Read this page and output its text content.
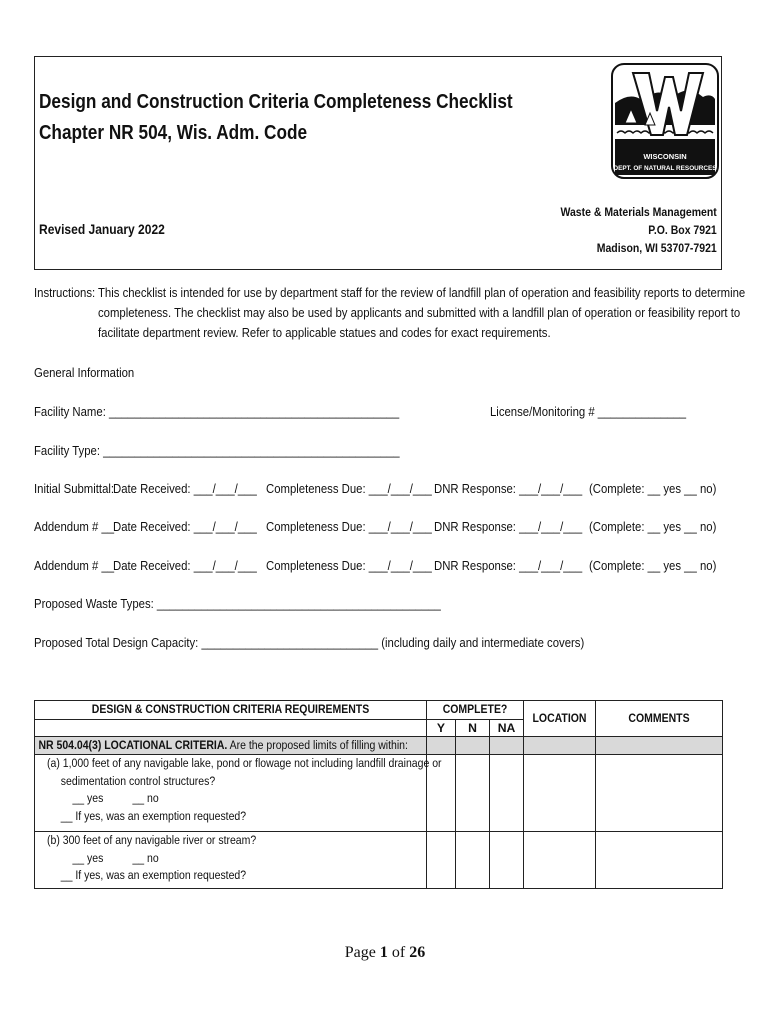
Design and Construction Criteria Completeness Checklist
Chapter NR 504, Wis. Adm. Code
Revised January 2022
WISCONSIN
DEPT. OF NATURAL RESOURCES
Waste & Materials Management
P.O. Box 7921
Madison, WI 53707-7921
Instructions: This checklist is intended for use by department staff for the review of landfill plan of operation and feasibility reports to determine
completeness. The checklist may also be used by applicants and submitted with a landfill plan of operation or feasibility report to
facilitate department review. Refer to applicable statues and codes for exact requirements.
General Information
Facility Name: ______________________________________________	License/Monitoring # ______________
Facility Type: _______________________________________________
Initial Submittal:
Date Received: ___/___/___ Completeness Due: ___/___/___ DNR Response: ___/___/___ (Complete: __ yes __ no)
Addendum # __
Date Received: ___/___/___ Completeness Due: ___/___/___ DNR Response: ___/___/___ (Complete: __ yes __ no)
Addendum # __
Date Received: ___/___/___ Completeness Due: ___/___/___ DNR Response: ___/___/___ (Complete: __ yes __ no)
Proposed Waste Types: _____________________________________________
Proposed Total Design Capacity: ____________________________ (including daily and intermediate covers)
DESIGN & CONSTRUCTION CRITERIA REQUIREMENTS	COMPLETE?			LOCATION	COMMENTS

	Y	N	NA		

NR 504.04(3) LOCATIONAL CRITERIA. Are the proposed limits of filling within:					

(a) 1,000 feet of any navigable lake, pond or flowage not including landfill drainage or
sedimentation control structures?
__ yes          __ no
__ If yes, was an exemption requested?					

(b) 300 feet of any navigable river or stream?
__ yes          __ no
__ If yes, was an exemption requested?					

Page 1 of 26
